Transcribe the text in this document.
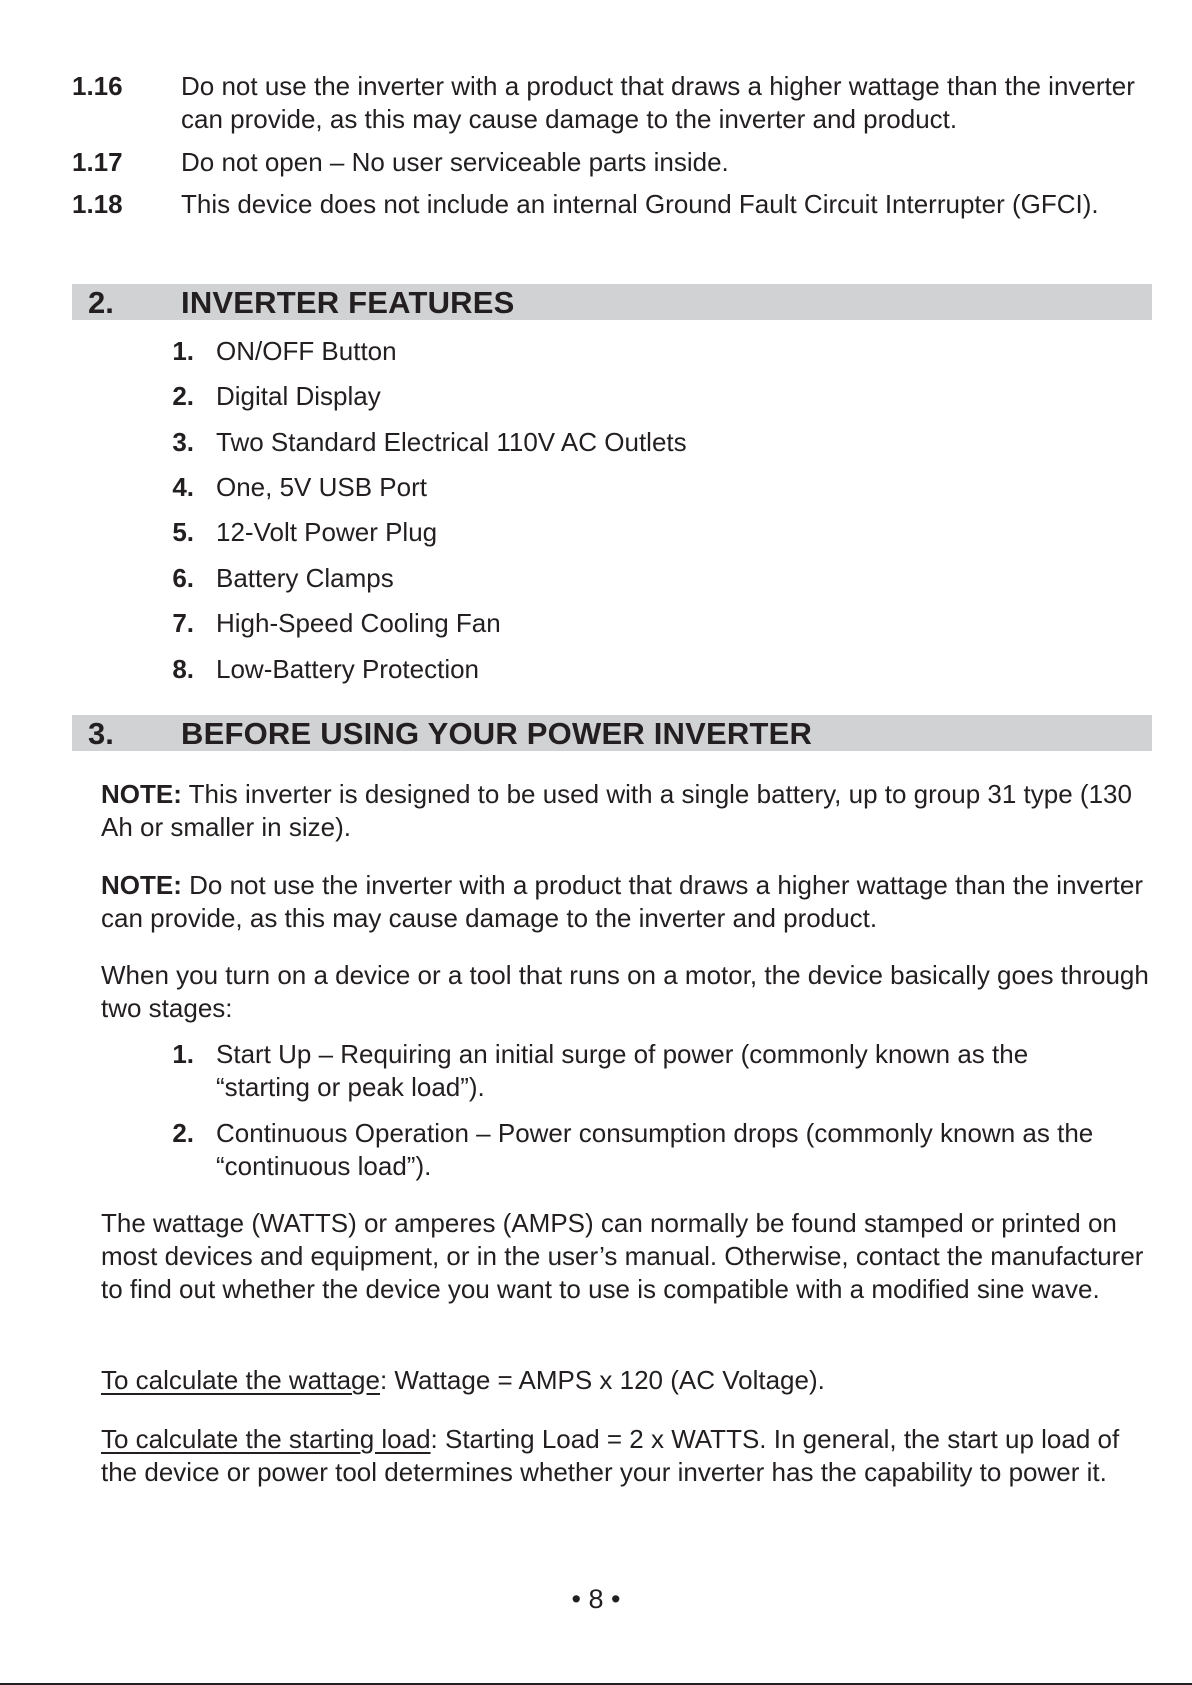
1.16 Do not use the inverter with a product that draws a higher wattage than the inverter can provide, as this may cause damage to the inverter and product.
1.17 Do not open – No user serviceable parts inside.
1.18 This device does not include an internal Ground Fault Circuit Interrupter (GFCI).
2. INVERTER FEATURES
1. ON/OFF Button
2. Digital Display
3. Two Standard Electrical 110V AC Outlets
4. One, 5V USB Port
5. 12-Volt Power Plug
6. Battery Clamps
7. High-Speed Cooling Fan
8. Low-Battery Protection
3. BEFORE USING YOUR POWER INVERTER
NOTE: This inverter is designed to be used with a single battery, up to group 31 type (130 Ah or smaller in size).
NOTE: Do not use the inverter with a product that draws a higher wattage than the inverter can provide, as this may cause damage to the inverter and product.
When you turn on a device or a tool that runs on a motor, the device basically goes through two stages:
1. Start Up – Requiring an initial surge of power (commonly known as the “starting or peak load”).
2. Continuous Operation – Power consumption drops (commonly known as the “continuous load”).
The wattage (WATTS) or amperes (AMPS) can normally be found stamped or printed on most devices and equipment, or in the user’s manual. Otherwise, contact the manufacturer to find out whether the device you want to use is compatible with a modified sine wave.
To calculate the wattage: Wattage = AMPS x 120 (AC Voltage).
To calculate the starting load: Starting Load = 2 x WATTS. In general, the start up load of the device or power tool determines whether your inverter has the capability to power it.
• 8 •
